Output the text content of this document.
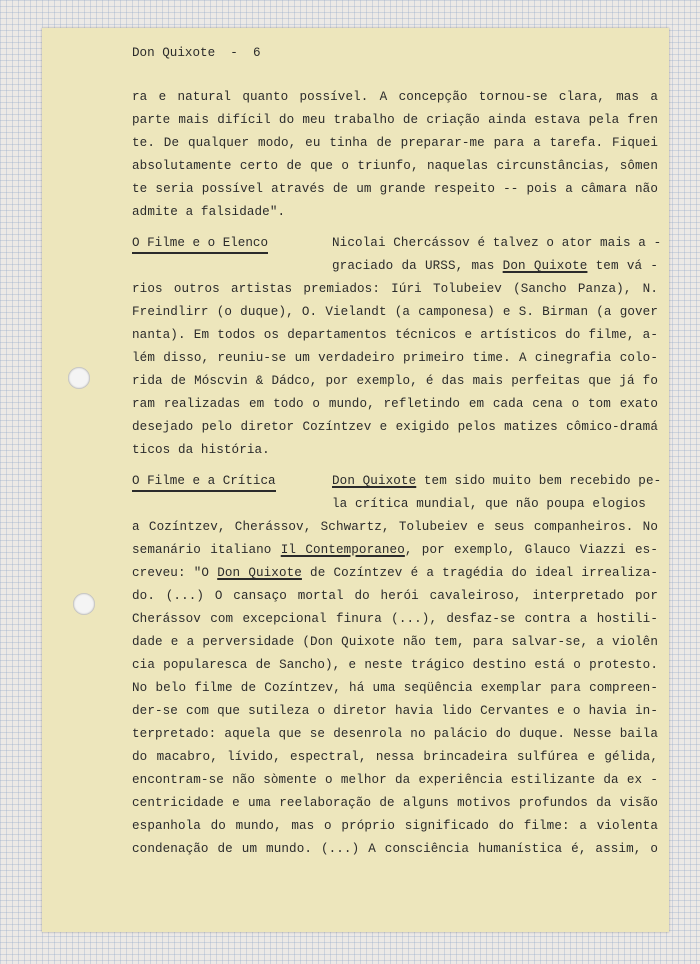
Don Quixote - 6
ra e natural quanto possível. A concepção tornou-se clara, mas a
parte mais difícil do meu trabalho de criação ainda estava pela fren
te. De qualquer modo, eu tinha de preparar-me para a tarefa. Fiquei
absolutamente certo de que o triunfo, naquelas circunstâncias, sômen
te seria possível através de um grande respeito -- pois a câmara não
admite a falsidade".
O Filme e o Elenco	Nicolai Chercássov é talvez o ator mais a -
graciado da URSS, mas Don Quixote tem vá -
rios outros artistas premiados: Iúri Tolubeiev (Sancho Panza), N.
Freindlirr (o duque), O. Vielandt (a camponesa) e S. Birman (a gover
nanta). Em todos os departamentos técnicos e artísticos do filme, a-
lém disso, reuniu-se um verdadeiro primeiro time. A cinegrafia colo-
rida de Móscvin & Dádco, por exemplo, é das mais perfeitas que já fo
ram realizadas em todo o mundo, refletindo em cada cena o tom exato
desejado pelo diretor Cozíntzev e exigido pelos matizes cômico-dramá
ticos da história.
O Filme e a Crítica	Don Quixote tem sido muito bem recebido pe-
la crítica mundial, que não poupa elogios
a Cozíntzev, Cherássov, Schwartz, Tolubeiev e seus companheiros. No
semanário italiano Il Contemporaneo, por exemplo, Glauco Viazzi es-
creveu: "O Don Quixote de Cozíntzev é a tragédia do ideal irrealiza-
do. (...) O cansaço mortal do herói cavaleiroso, interpretado por
Cherássov com excepcional finura (...), desfaz-se contra a hostili-
dade e a perversidade (Don Quixote não tem, para salvar-se, a violên
cia popularesca de Sancho), e neste trágico destino está o protesto.
No belo filme de Cozíntzev, há uma seqüência exemplar para compreen-
der-se com que sutileza o diretor havia lido Cervantes e o havia in-
terpretado: aquela que se desenrola no palácio do duque. Nesse baila
do macabro, lívido, espectral, nessa brincadeira sulfúrea e gélida,
encontram-se não sòmente o melhor da experiência estilizante da ex -
centricidade e uma reelaboração de alguns motivos profundos da visão
espanhola do mundo, mas o próprio significado do filme: a violenta
condenação de um mundo. (...) A consciência humanística é, assim, o
